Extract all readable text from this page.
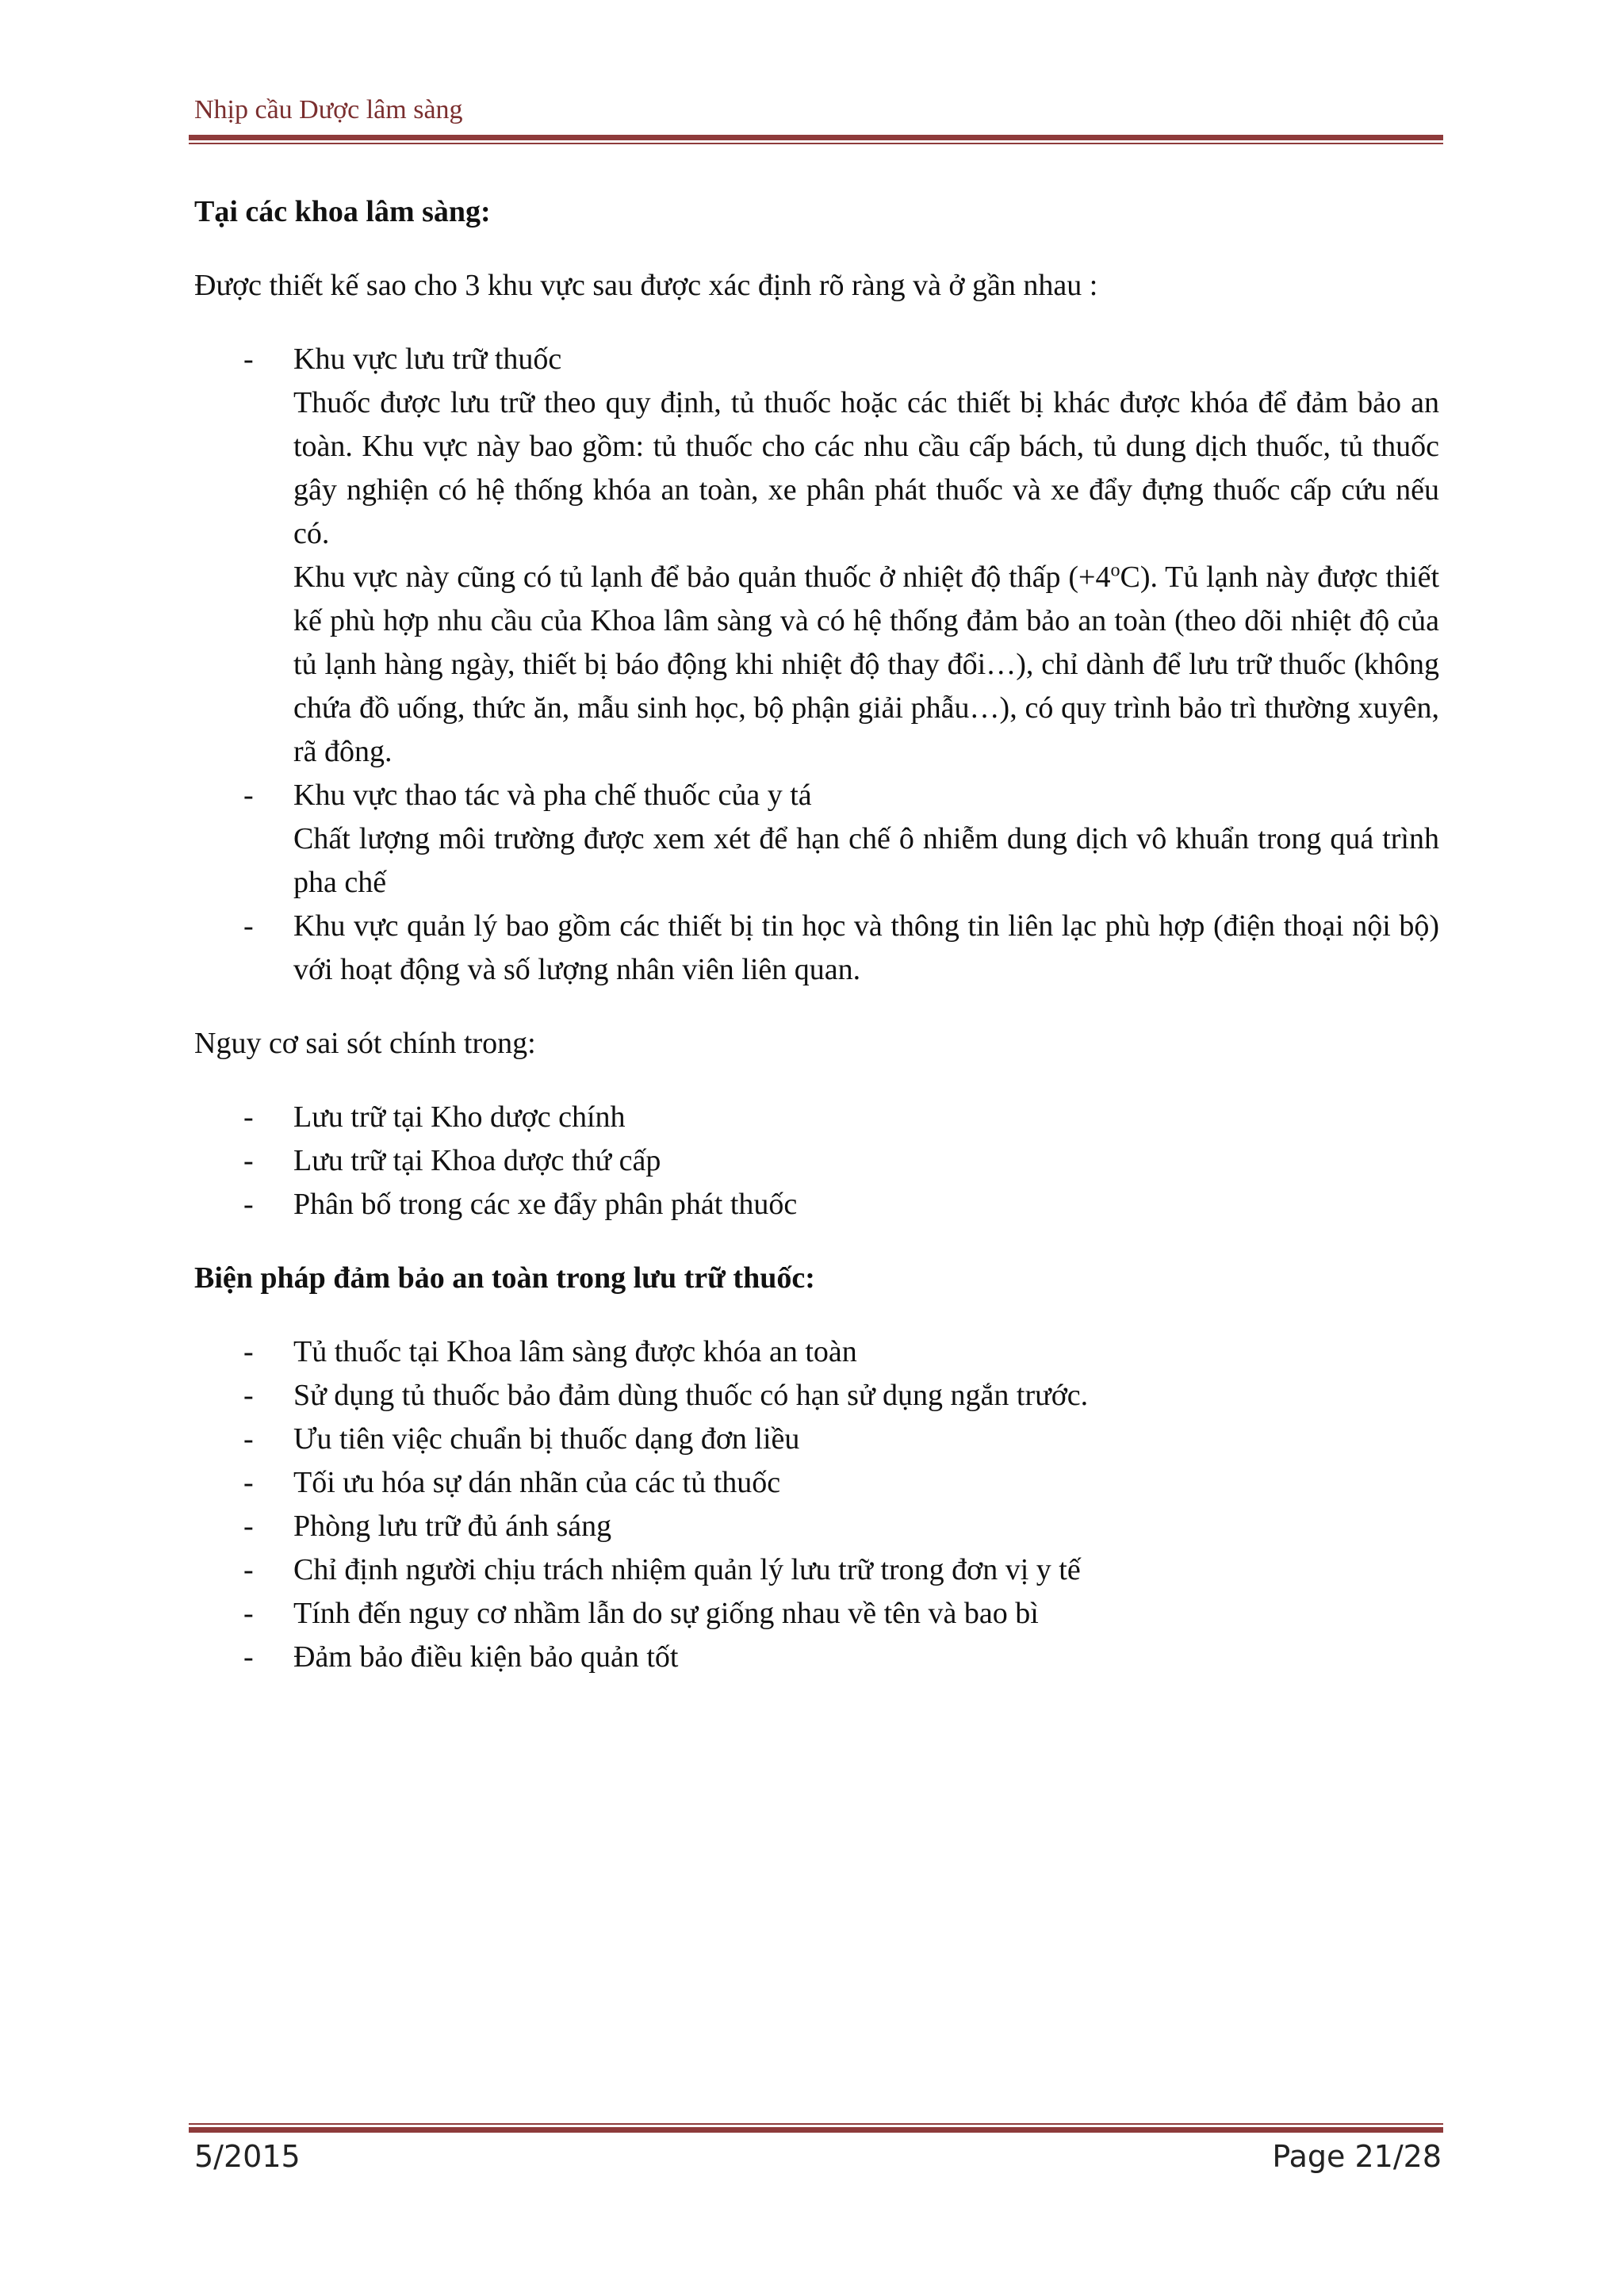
Nhịp cầu Dược lâm sàng
Tại các khoa lâm sàng:
Được thiết kế sao cho 3 khu vực sau được xác định rõ ràng và ở gần nhau :
- Khu vực lưu trữ thuốc
Thuốc được lưu trữ theo quy định, tủ thuốc hoặc các thiết bị khác được khóa để đảm bảo an toàn. Khu vực này bao gồm: tủ thuốc cho các nhu cầu cấp bách, tủ dung dịch thuốc, tủ thuốc gây nghiện có hệ thống khóa an toàn, xe phân phát thuốc và xe đẩy đựng thuốc cấp cứu nếu có.
Khu vực này cũng có tủ lạnh để bảo quản thuốc ở nhiệt độ thấp $(+4^oC)$. Tủ lạnh này được thiết kế phù hợp nhu cầu của Khoa lâm sàng và có hệ thống đảm bảo an toàn (theo dõi nhiệt độ của tủ lạnh hàng ngày, thiết bị báo động khi nhiệt độ thay đổi…), chỉ dành để lưu trữ thuốc (không chứa đồ uống, thức ăn, mẫu sinh học, bộ phận giải phẫu…), có quy trình bảo trì thường xuyên, rã đông.
- Khu vực thao tác và pha chế thuốc của y tá
Chất lượng môi trường được xem xét để hạn chế ô nhiễm dung dịch vô khuẩn trong quá trình pha chế
- Khu vực quản lý bao gồm các thiết bị tin học và thông tin liên lạc phù hợp (điện thoại nội bộ) với hoạt động và số lượng nhân viên liên quan.
Nguy cơ sai sót chính trong:
- Lưu trữ tại Kho dược chính
- Lưu trữ tại Khoa dược thứ cấp
- Phân bố trong các xe đẩy phân phát thuốc
Biện pháp đảm bảo an toàn trong lưu trữ thuốc:
- Tủ thuốc tại Khoa lâm sàng được khóa an toàn
- Sử dụng tủ thuốc bảo đảm dùng thuốc có hạn sử dụng ngắn trước.
- Ưu tiên việc chuẩn bị thuốc dạng đơn liều
- Tối ưu hóa sự dán nhãn của các tủ thuốc
- Phòng lưu trữ đủ ánh sáng
- Chỉ định người chịu trách nhiệm quản lý lưu trữ trong đơn vị y tế
- Tính đến nguy cơ nhầm lẫn do sự giống nhau về tên và bao bì
- Đảm bảo điều kiện bảo quản tốt
5/2015	Page 21/28
